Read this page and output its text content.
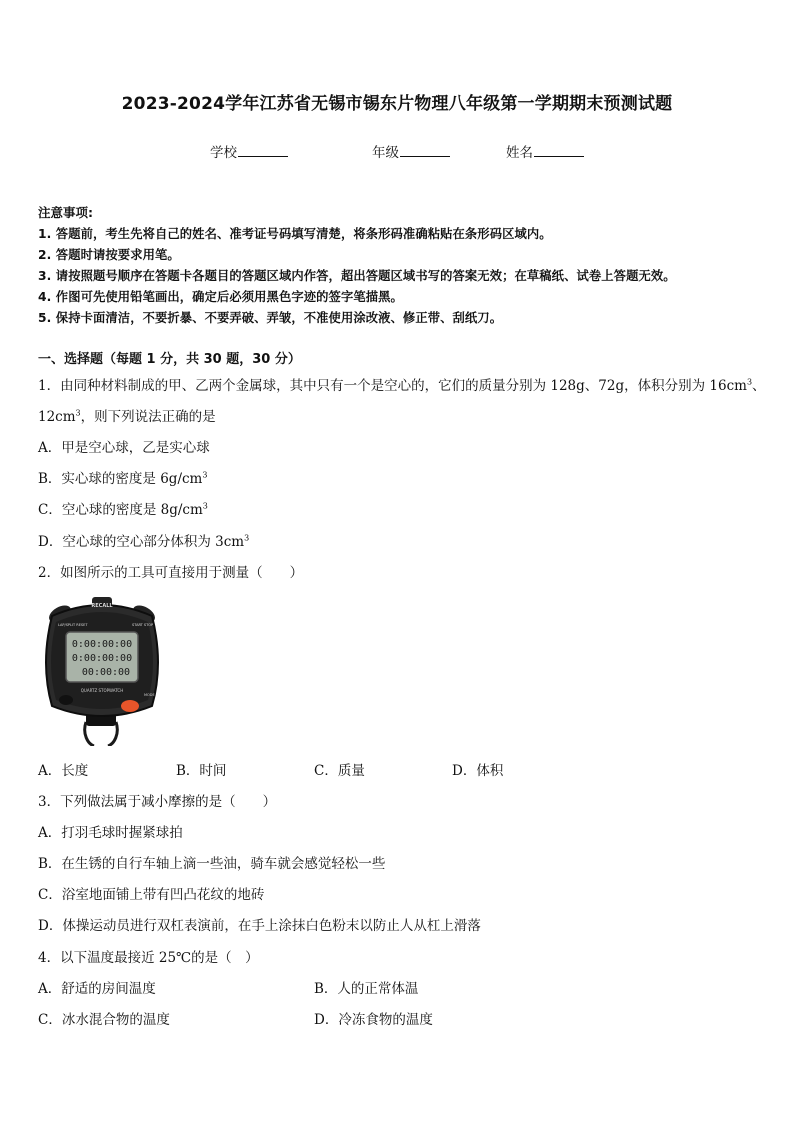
2023-2024学年江苏省无锡市锡东片物理八年级第一学期期末预测试题
学校	年级	姓名
注意事项:
1. 答题前，考生先将自己的姓名、准考证号码填写清楚，将条形码准确粘贴在条形码区域内。
2. 答题时请按要求用笔。
3. 请按照题号顺序在答题卡各题目的答题区域内作答，超出答题区域书写的答案无效；在草稿纸、试卷上答题无效。
4. 作图可先使用铅笔画出，确定后必须用黑色字迹的签字笔描黑。
5. 保持卡面清洁，不要折暴、不要弄破、弄皱，不准使用涂改液、修正带、刮纸刀。
一、选择题（每题 1 分，共 30 题，30 分）
1．由同种材料制成的甲、乙两个金属球，其中只有一个是空心的，它们的质量分别为 128g、72g，体积分别为 $16cm^3$、
$12cm^3$，则下列说法正确的是
A．甲是空心球，乙是实心球
B．实心球的密度是 $6g/cm^3$
C．空心球的密度是 $8g/cm^3$
D．空心球的空心部分体积为 $3cm^3$
2．如图所示的工具可直接用于测量（　　）
RECALL
LAP/SPLIT RESET	START STOP
0:00:00:00
0:00:00:00
00:00:00
QUARTZ STOPWATCH
MODE
A．长度	B．时间	C．质量	D．体积
3．下列做法属于减小摩擦的是（　　）
A．打羽毛球时握紧球拍
B．在生锈的自行车轴上滴一些油，骑车就会感觉轻松一些
C．浴室地面铺上带有凹凸花纹的地砖
D．体操运动员进行双杠表演前，在手上涂抹白色粉末以防止人从杠上滑落
4．以下温度最接近 25℃的是（　）
A．舒适的房间温度	B．人的正常体温
C．冰水混合物的温度	D．冷冻食物的温度
